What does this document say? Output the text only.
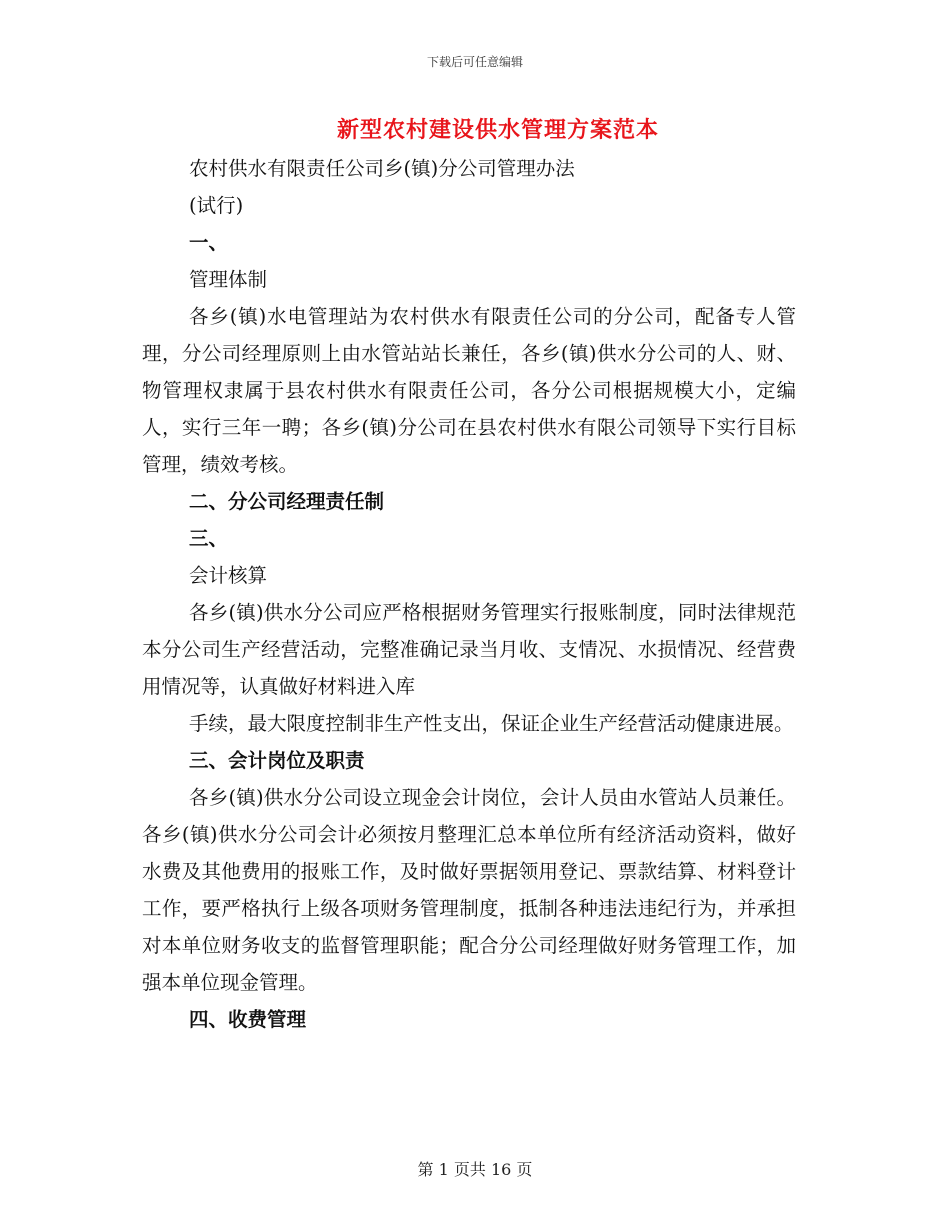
下载后可任意编辑
新型农村建设供水管理方案范本

农村供水有限责任公司乡(镇)分公司管理办法

(试行)

一、

管理体制

各乡(镇)水电管理站为农村供水有限责任公司的分公司，配备专人管理，分公司经理原则上由水管站站长兼任，各乡(镇)供水分公司的人、财、物管理权隶属于县农村供水有限责任公司，各分公司根据规模大小，定编人，实行三年一聘；各乡(镇)分公司在县农村供水有限公司领导下实行目标管理，绩效考核。

二、分公司经理责任制

三、

会计核算

各乡(镇)供水分公司应严格根据财务管理实行报账制度，同时法律规范本分公司生产经营活动，完整准确记录当月收、支情况、水损情况、经营费用情况等，认真做好材料进入库

手续，最大限度控制非生产性支出，保证企业生产经营活动健康进展。

三、会计岗位及职责

各乡(镇)供水分公司设立现金会计岗位，会计人员由水管站人员兼任。各乡(镇)供水分公司会计必须按月整理汇总本单位所有经济活动资料，做好水费及其他费用的报账工作，及时做好票据领用登记、票款结算、材料登计工作，要严格执行上级各项财务管理制度，抵制各种违法违纪行为，并承担对本单位财务收支的监督管理职能；配合分公司经理做好财务管理工作，加强本单位现金管理。

四、收费管理

第 1 页共 16 页
